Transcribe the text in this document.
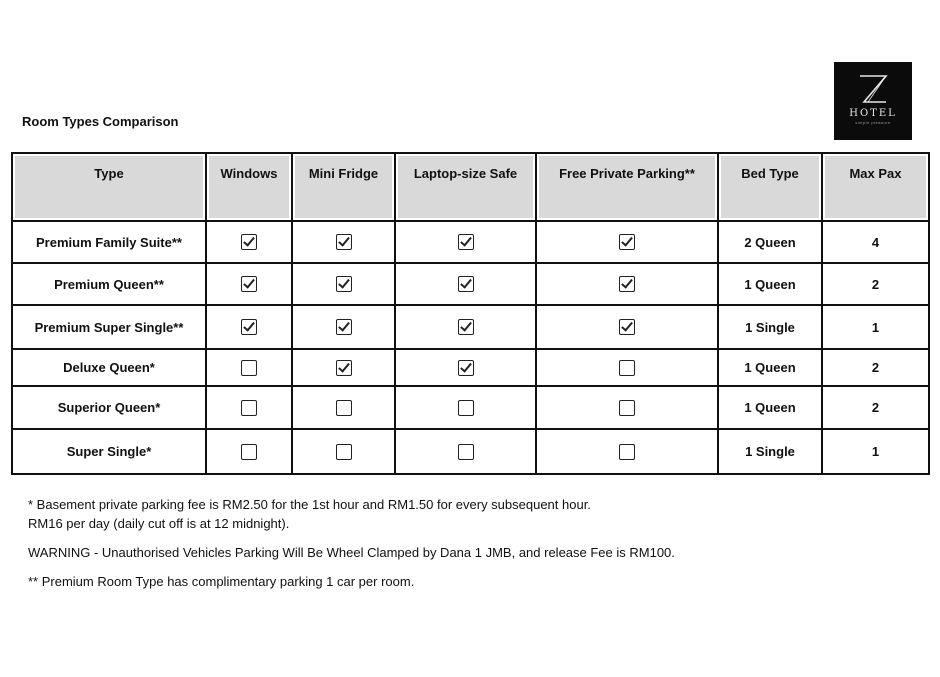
Room Types Comparison
HOTEL
simple pleasure
Type	Windows	Mini Fridge	Laptop-size Safe	Free Private Parking**	Bed Type	Max Pax
Premium Family Suite**					2 Queen	4
Premium Queen**					1 Queen	2
Premium Super Single**					1 Single	1
Deluxe Queen*					1 Queen	2
Superior Queen*					1 Queen	2
Super Single*					1 Single	1

* Basement private parking fee is RM2.50 for the 1st hour and RM1.50 for every subsequent hour.

RM16 per day (daily cut off is at 12 midnight).

WARNING - Unauthorised Vehicles Parking Will Be Wheel Clamped by Dana 1 JMB, and release Fee is RM100.

** Premium Room Type has complimentary parking 1 car per room.
